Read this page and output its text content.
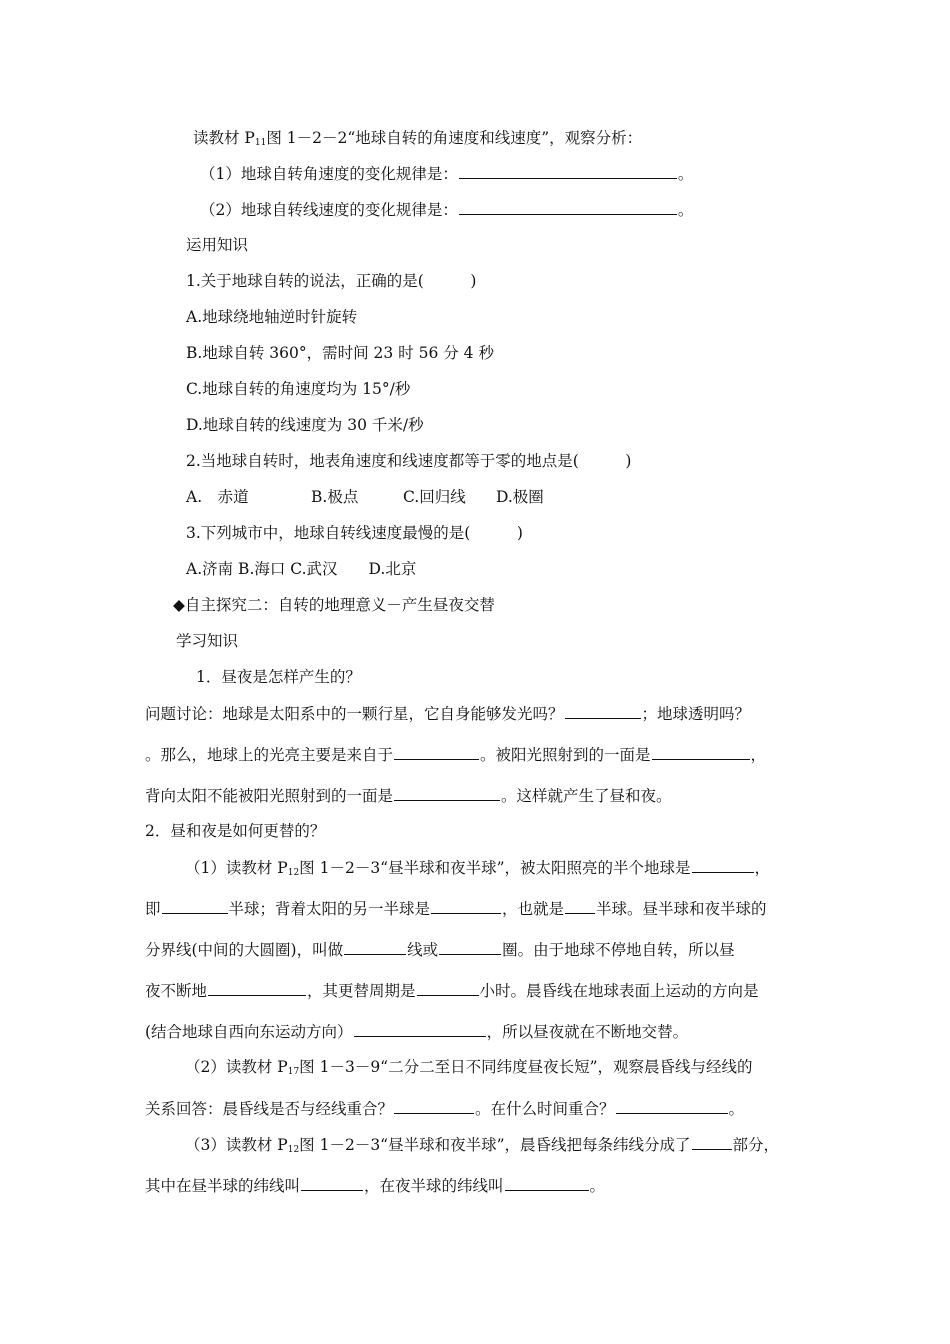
读教材 $P_{11}$图 1－2－2“地球自转的角速度和线速度”，观察分析：
（1）地球自转角速度的变化规律是：	。
（2）地球自转线速度的变化规律是：	。
运用知识
1.关于地球自转的说法，正确的是(　　　)
A.地球绕地轴逆时针旋转
B.地球自转 360°，需时间 23 时 56 分 4 秒
C.地球自转的角速度均为 15°/秒
D.地球自转的线速度为 30 千米/秒
2.当地球自转时，地表角速度和线速度都等于零的地点是(　　　)
A.　赤道	B.极点	C.回归线 D.极圈
3.下列城市中，地球自转线速度最慢的是(　　　)
A.济南 B.海口 C.武汉　　D.北京
◆自主探究二：自转的地理意义－产生昼夜交替
学习知识
1．昼夜是怎样产生的？
问题讨论：地球是太阳系中的一颗行星，它自身能够发光吗？	；地球透明吗？
。那么，地球上的光亮主要是来自于	。被阳光照射到的一面是	，
背向太阳不能被阳光照射到的一面是	。这样就产生了昼和夜。
2．昼和夜是如何更替的？
（1）读教材 $P_{12}$图 1－2－3“昼半球和夜半球”，被太阳照亮的半个地球是	，
即	半球；背着太阳的另一半球是	，也就是 半球。昼半球和夜半球的
分界线(中间的大圆圈)，叫做	线或	圈。由于地球不停地自转，所以昼
夜不断地	，其更替周期是	小时。晨昏线在地球表面上运动的方向是
(结合地球自西向东运动方向）	，所以昼夜就在不断地交替。
（2）读教材 $P_{17}$图 1－3－9“二分二至日不同纬度昼夜长短”，观察晨昏线与经线的
关系回答：晨昏线是否与经线重合？	。在什么时间重合？	。
（3）读教材 $P_{12}$图 1－2－3“昼半球和夜半球”，晨昏线把每条纬线分成了	部分，
其中在昼半球的纬线叫	，在夜半球的纬线叫	。
